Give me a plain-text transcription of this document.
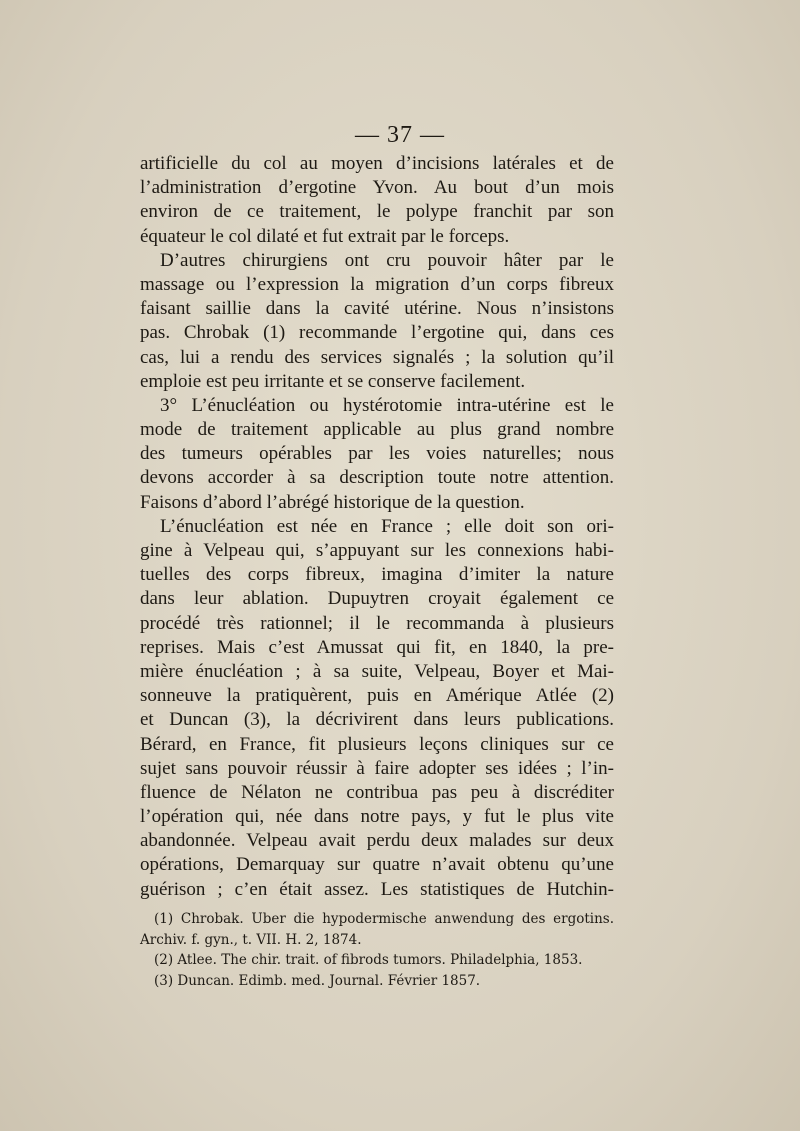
— 37 —
artificielle du col au moyen d’incisions latérales et de
l’administration d’ergotine Yvon. Au bout d’un mois
environ de ce traitement, le polype franchit par son
équateur le col dilaté et fut extrait par le forceps.
D’autres chirurgiens ont cru pouvoir hâter par le
massage ou l’expression la migration d’un corps fibreux
faisant saillie dans la cavité utérine. Nous n’insistons
pas. Chrobak (1) recommande l’ergotine qui, dans ces
cas, lui a rendu des services signalés ; la solution qu’il
emploie est peu irritante et se conserve facilement.
3° L’énucléation ou hystérotomie intra-utérine est le
mode de traitement applicable au plus grand nombre
des tumeurs opérables par les voies naturelles; nous
devons accorder à sa description toute notre attention.
Faisons d’abord l’abrégé historique de la question.
L’énucléation est née en France ; elle doit son ori-
gine à Velpeau qui, s’appuyant sur les connexions habi-
tuelles des corps fibreux, imagina d’imiter la nature
dans leur ablation. Dupuytren croyait également ce
procédé très rationnel; il le recommanda à plusieurs
reprises. Mais c’est Amussat qui fit, en 1840, la pre-
mière énucléation ; à sa suite, Velpeau, Boyer et Mai-
sonneuve la pratiquèrent, puis en Amérique Atlée (2)
et Duncan (3), la décrivirent dans leurs publications.
Bérard, en France, fit plusieurs leçons cliniques sur ce
sujet sans pouvoir réussir à faire adopter ses idées ; l’in-
fluence de Nélaton ne contribua pas peu à discréditer
l’opération qui, née dans notre pays, y fut le plus vite
abandonnée. Velpeau avait perdu deux malades sur deux
opérations, Demarquay sur quatre n’avait obtenu qu’une
guérison ; c’en était assez. Les statistiques de Hutchin-
(1) Chrobak. Uber die hypodermische anwendung des ergotins.
Archiv. f. gyn., t. VII. H. 2, 1874.
(2) Atlee. The chir. trait. of fibrods tumors. Philadelphia, 1853.
(3) Duncan. Edimb. med. Journal. Février 1857.
